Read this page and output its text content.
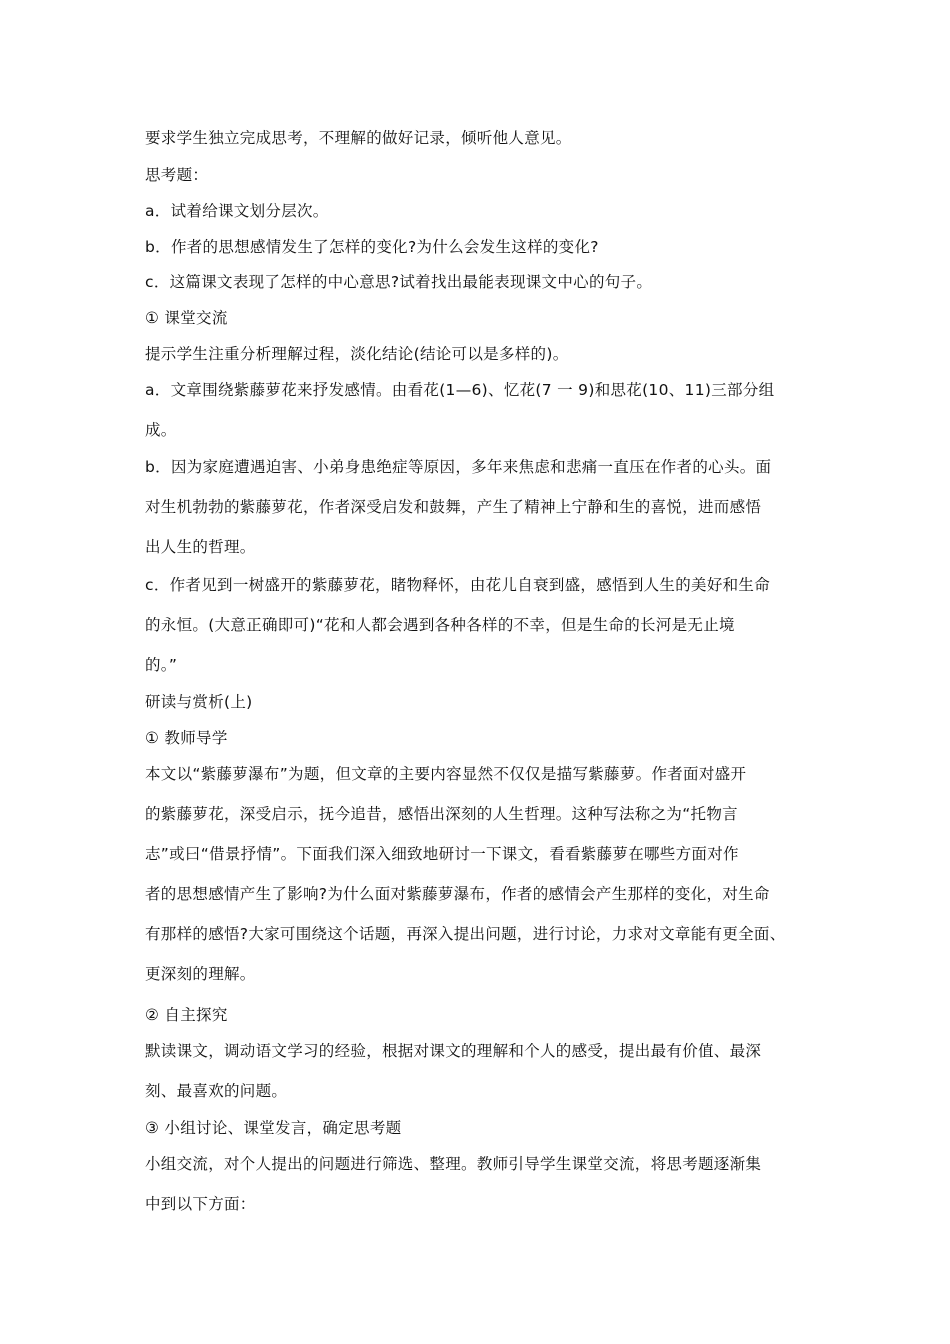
要求学生独立完成思考，不理解的做好记录，倾听他人意见。
思考题：
a．试着给课文划分层次。
b．作者的思想感情发生了怎样的变化?为什么会发生这样的变化?
c．这篇课文表现了怎样的中心意思?试着找出最能表现课文中心的句子。
① 课堂交流
提示学生注重分析理解过程，淡化结论(结论可以是多样的)。
a．文章围绕紫藤萝花来抒发感情。由看花(1—6)、忆花(7 一 9)和思花(10、11)三部分组
成。
b．因为家庭遭遇迫害、小弟身患绝症等原因，多年来焦虑和悲痛一直压在作者的心头。面
对生机勃勃的紫藤萝花，作者深受启发和鼓舞，产生了精神上宁静和生的喜悦，进而感悟
出人生的哲理。
c．作者见到一树盛开的紫藤萝花，睹物释怀，由花儿自衰到盛，感悟到人生的美好和生命
的永恒。(大意正确即可)“花和人都会遇到各种各样的不幸，但是生命的长河是无止境
的。”
研读与赏析(上)
① 教师导学
本文以“紫藤萝瀑布”为题，但文章的主要内容显然不仅仅是描写紫藤萝。作者面对盛开
的紫藤萝花，深受启示，抚今追昔，感悟出深刻的人生哲理。这种写法称之为“托物言
志”或曰“借景抒情”。下面我们深入细致地研讨一下课文，看看紫藤萝在哪些方面对作
者的思想感情产生了影响?为什么面对紫藤萝瀑布，作者的感情会产生那样的变化，对生命
有那样的感悟?大家可围绕这个话题，再深入提出问题，进行讨论，力求对文章能有更全面、
更深刻的理解。
② 自主探究
默读课文，调动语文学习的经验，根据对课文的理解和个人的感受，提出最有价值、最深
刻、最喜欢的问题。
③ 小组讨论、课堂发言，确定思考题
小组交流，对个人提出的问题进行筛选、整理。教师引导学生课堂交流，将思考题逐渐集
中到以下方面：
